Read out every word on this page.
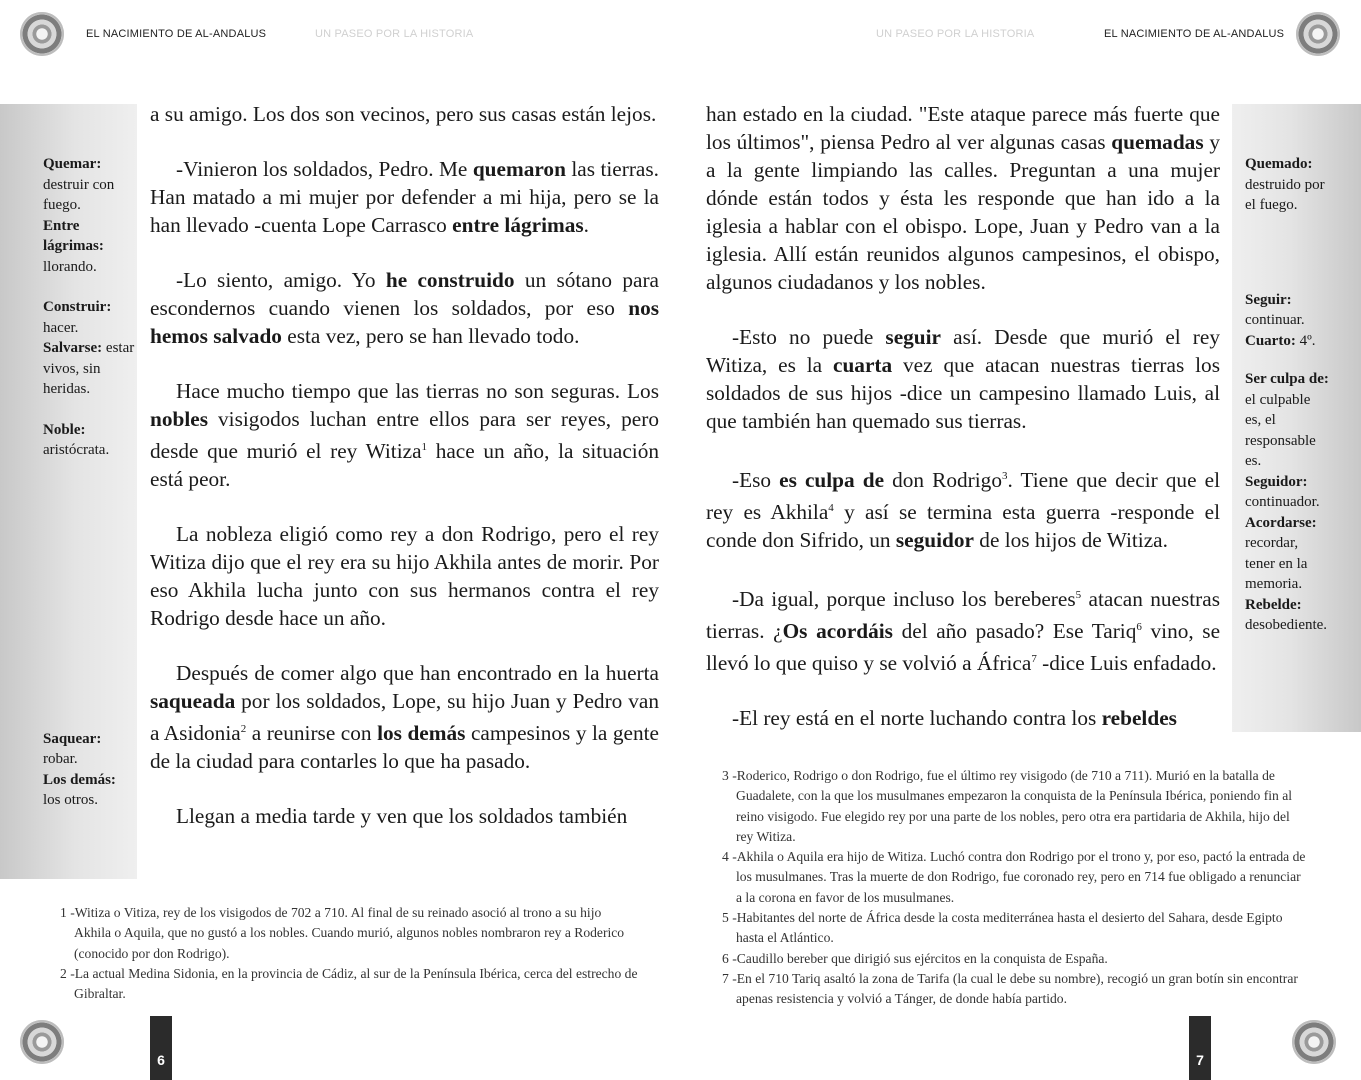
EL NACIMIENTO DE AL-ANDALUS	UN PASEO POR LA HISTORIA	UN PASEO POR LA HISTORIA	EL NACIMIENTO DE AL-ANDALUS
Quemar: destruir con fuego.
Entre lágrimas: llorando.
Construir: hacer.
Salvarse: estar vivos, sin heridas.
Noble: aristócrata.
Saquear: robar.
Los demás: los otros.
Quemado: destruido por el fuego.
Seguir: continuar.
Cuarto: 4º.
Ser culpa de: el culpable es, el responsable es.
Seguidor: continuador.
Acordarse: recordar, tener en la memoria.
Rebelde: desobediente.
a su amigo. Los dos son vecinos, pero sus casas están lejos.
-Vinieron los soldados, Pedro. Me quemaron las tierras. Han matado a mi mujer por defender a mi hija, pero se la han llevado -cuenta Lope Carrasco entre lágrimas.
-Lo siento, amigo. Yo he construido un sótano para escondernos cuando vienen los soldados, por eso nos hemos salvado esta vez, pero se han llevado todo.
Hace mucho tiempo que las tierras no son seguras. Los nobles visigodos luchan entre ellos para ser reyes, pero desde que murió el rey Witiza$^1$ hace un año, la situación está peor.
La nobleza eligió como rey a don Rodrigo, pero el rey Witiza dijo que el rey era su hijo Akhila antes de morir. Por eso Akhila lucha junto con sus hermanos contra el rey Rodrigo desde hace un año.
Después de comer algo que han encontrado en la huerta saqueada por los soldados, Lope, su hijo Juan y Pedro van a Asidonia$^2$ a reunirse con los demás campesinos y la gente de la ciudad para contarles lo que ha pasado.
Llegan a media tarde y ven que los soldados también
han estado en la ciudad. "Este ataque parece más fuerte que los últimos", piensa Pedro al ver algunas casas quemadas y a la gente limpiando las calles. Preguntan a una mujer dónde están todos y ésta les responde que han ido a la iglesia a hablar con el obispo. Lope, Juan y Pedro van a la iglesia. Allí están reunidos algunos campesinos, el obispo, algunos ciudadanos y los nobles.
-Esto no puede seguir así. Desde que murió el rey Witiza, es la cuarta vez que atacan nuestras tierras los soldados de sus hijos -dice un campesino llamado Luis, al que también han quemado sus tierras.
-Eso es culpa de don Rodrigo$^3$. Tiene que decir que el rey es Akhila$^4$ y así se termina esta guerra -responde el conde don Sifrido, un seguidor de los hijos de Witiza.
-Da igual, porque incluso los bereberes$^5$ atacan nuestras tierras. ¿Os acordáis del año pasado? Ese Tariq$^6$ vino, se llevó lo que quiso y se volvió a África$^7$ -dice Luis enfadado.
-El rey está en el norte luchando contra los rebeldes
1 -Witiza o Vitiza, rey de los visigodos de 702 a 710. Al final de su reinado asoció al trono a su hijo Akhila o Aquila, que no gustó a los nobles. Cuando murió, algunos nobles nombraron rey a Roderico (conocido por don Rodrigo).
2 -La actual Medina Sidonia, en la provincia de Cádiz, al sur de la Península Ibérica, cerca del estrecho de Gibraltar.
3 -Roderico, Rodrigo o don Rodrigo, fue el último rey visigodo (de 710 a 711). Murió en la batalla de Guadalete, con la que los musulmanes empezaron la conquista de la Península Ibérica, poniendo fin al reino visigodo. Fue elegido rey por una parte de los nobles, pero otra era partidaria de Akhila, hijo del rey Witiza.
4 -Akhila o Aquila era hijo de Witiza. Luchó contra don Rodrigo por el trono y, por eso, pactó la entrada de los musulmanes. Tras la muerte de don Rodrigo, fue coronado rey, pero en 714 fue obligado a renunciar a la corona en favor de los musulmanes.
5 -Habitantes del norte de África desde la costa mediterránea hasta el desierto del Sahara, desde Egipto hasta el Atlántico.
6 -Caudillo bereber que dirigió sus ejércitos en la conquista de España.
7 -En el 710 Tariq asaltó la zona de Tarifa (la cual le debe su nombre), recogió un gran botín sin encontrar apenas resistencia y volvió a Tánger, de donde había partido.
6	7
